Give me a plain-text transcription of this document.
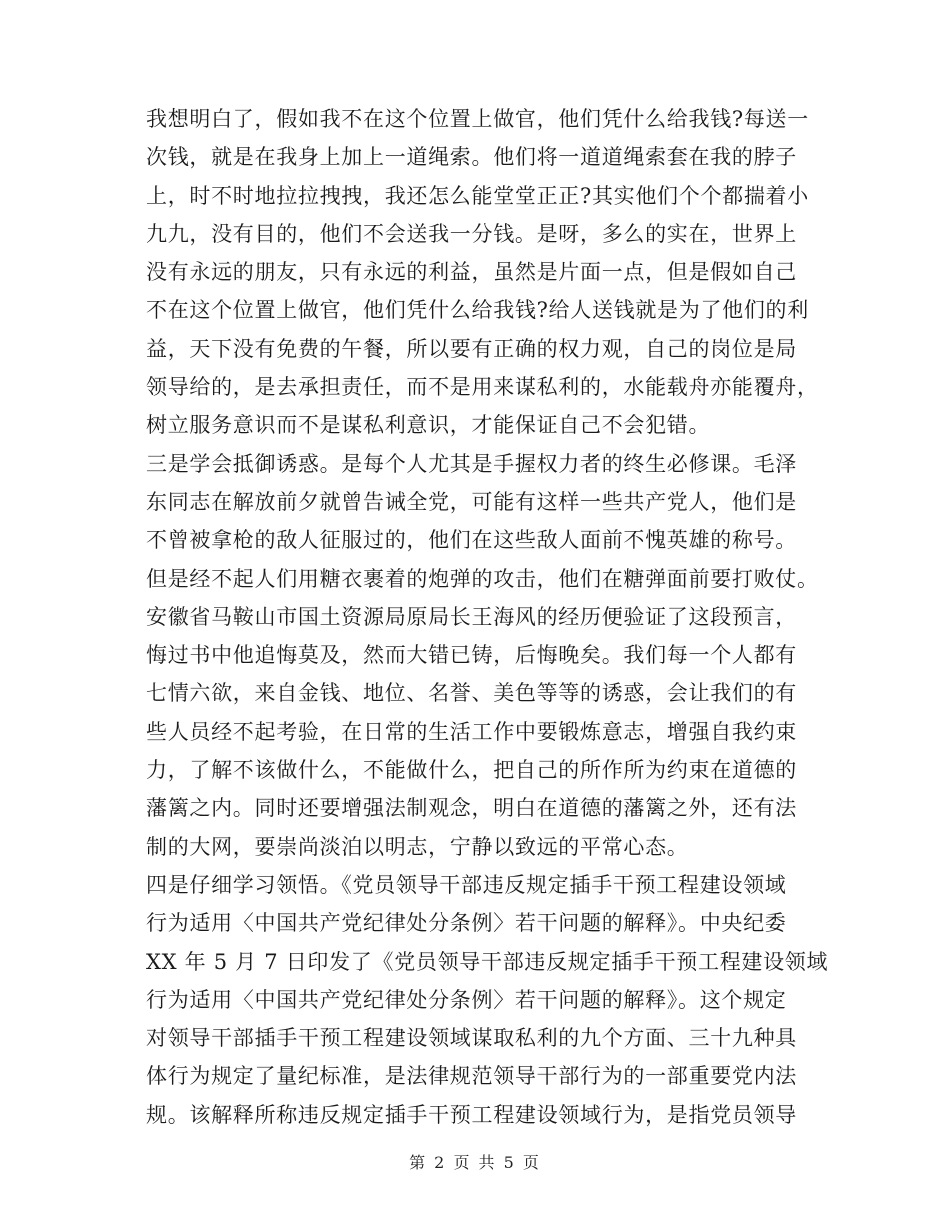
我想明白了，假如我不在这个位置上做官，他们凭什么给我钱?每送一
次钱，就是在我身上加上一道绳索。他们将一道道绳索套在我的脖子
上，时不时地拉拉拽拽，我还怎么能堂堂正正?其实他们个个都揣着小
九九，没有目的，他们不会送我一分钱。是呀，多么的实在，世界上
没有永远的朋友，只有永远的利益，虽然是片面一点，但是假如自己
不在这个位置上做官，他们凭什么给我钱?给人送钱就是为了他们的利
益，天下没有免费的午餐，所以要有正确的权力观，自己的岗位是局
领导给的，是去承担责任，而不是用来谋私利的，水能载舟亦能覆舟，
树立服务意识而不是谋私利意识，才能保证自己不会犯错。
三是学会抵御诱惑。是每个人尤其是手握权力者的终生必修课。毛泽
东同志在解放前夕就曾告诫全党，可能有这样一些共产党人，他们是
不曾被拿枪的敌人征服过的，他们在这些敌人面前不愧英雄的称号。
但是经不起人们用糖衣裹着的炮弹的攻击，他们在糖弹面前要打败仗。
安徽省马鞍山市国土资源局原局长王海风的经历便验证了这段预言，
悔过书中他追悔莫及，然而大错已铸，后悔晚矣。我们每一个人都有
七情六欲，来自金钱、地位、名誉、美色等等的诱惑，会让我们的有
些人员经不起考验，在日常的生活工作中要锻炼意志，增强自我约束
力，了解不该做什么，不能做什么，把自己的所作所为约束在道德的
藩篱之内。同时还要增强法制观念，明白在道德的藩篱之外，还有法
制的大网，要崇尚淡泊以明志，宁静以致远的平常心态。
四是仔细学习领悟。《党员领导干部违反规定插手干预工程建设领域
行为适用〈中国共产党纪律处分条例〉若干问题的解释》。中央纪委
XX 年 5 月 7 日印发了《党员领导干部违反规定插手干预工程建设领域
行为适用〈中国共产党纪律处分条例〉若干问题的解释》。这个规定
对领导干部插手干预工程建设领域谋取私利的九个方面、三十九种具
体行为规定了量纪标准，是法律规范领导干部行为的一部重要党内法
规。该解释所称违反规定插手干预工程建设领域行为，是指党员领导
第 2 页 共 5 页
